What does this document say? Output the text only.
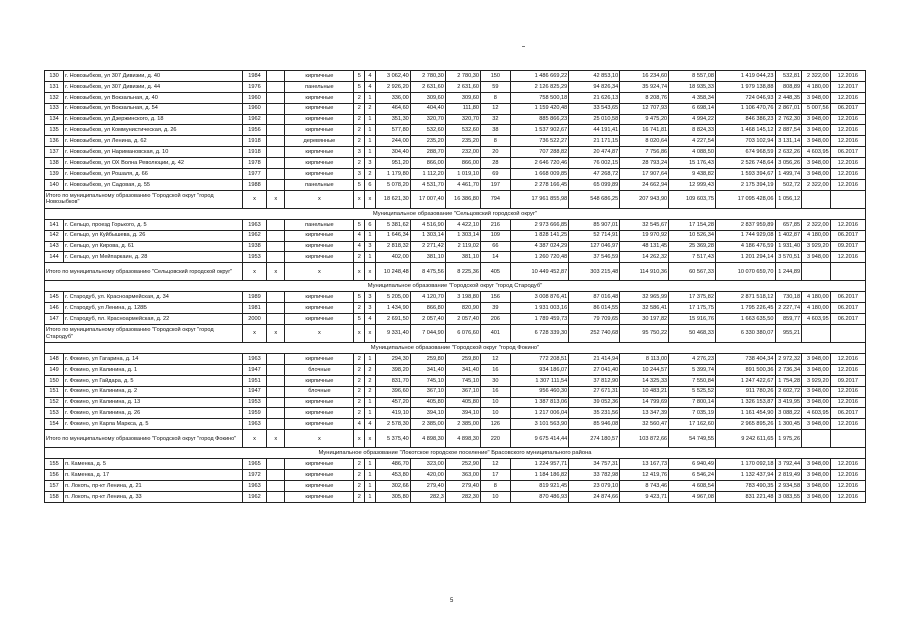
130	г. Новозыбков, ул 307 Дивизии, д. 40	1984		кирпичные	5	4	3 062,40	2 780,30	2 780,30	150	1 486 669,22	42 853,10	16 234,60	8 557,08	1 419 044,23	532,81	2 322,00	12.2016
131	г. Новозыбков, ул 307 Дивизии, д. 44	1976		панельные	5	4	2 926,20	2 631,60	2 631,60	59	2 126 825,29	94 826,34	35 924,74	18 935,33	1 979 138,88	808,89	4 180,00	12.2017
132	г. Новозыбков, ул Вокзальная, д. 40	1960		кирпичные	2	1	336,00	309,60	309,60	8	758 500,18	21 626,13	8 208,76	4 358,34	724 046,93	2 448,35	3 948,00	12.2016
133	г. Новозыбков, ул Вокзальная, д. 54	1960		кирпичные	2	2	464,60	404,40	111,80	12	1 159 420,48	33 543,65	12 707,93	6 698,14	1 106 470,76	2 867,01	5 007,56	06.2017
134	г. Новозыбков, ул Дзержинского, д. 18	1962		кирпичные	2	1	351,30	320,70	320,70	32	885 866,23	25 010,58	9 475,20	4 994,22	846 386,23	2 762,30	3 948,00	12.2016
135	г. Новозыбков, ул Коммунистическая, д. 26	1956		кирпичные	2	1	577,80	532,60	532,60	38	1 537 902,67	44 191,41	16 741,81	8 824,33	1 468 145,12	2 887,54	3 948,00	12.2016
136	г. Новозыбков, ул Ленина, д. 62	1918		деревянные	2	1	244,00	235,20	235,20	8	736 522,27	21 171,15	8 020,64	4 227,54	703 102,94	3 131,14	3 948,00	12.2016
137	г. Новозыбков, ул Наримановская, д. 10	1918		кирпичные	3	1	304,40	288,70	232,00	20	707 288,82	20 474,87	7 756,86	4 088,50	674 968,59	2 632,26	4 603,95	06.2017
138	г. Новозыбков, ул ОХ Волна Революции, д. 42	1978		кирпичные	2	3	951,20	866,00	866,00	28	2 646 720,46	76 002,15	28 793,24	15 176,43	2 526 748,64	3 056,26	3 948,00	12.2016
139	г. Новозыбков, ул Рошаля, д. 66	1977		кирпичные	3	2	1 179,80	1 112,20	1 019,10	69	1 668 009,85	47 268,72	17 907,64	9 438,82	1 593 394,67	1 499,74	3 948,00	12.2016
140	г. Новозыбков, ул Садовая, д. 55	1988		панельные	5	6	5 078,20	4 531,70	4 461,70	197	2 278 166,45	65 099,89	24 662,94	12 999,43	2 175 394,19	502,72	2 322,00	12.2016
Итого по муниципальному образованию "Городской округ "город Новозыбков"		х	х	х	х	х	18 621,30	17 007,40	16 386,80	794	17 961 855,98	548 686,25	207 943,90	109 603,75	17 095 428,06	1 056,12		
Муниципальное образование "Сельцовский городской округ"																		
141	г. Сельцо, проезд Горького, д. 5	1963		панельные	5	6	5 381,62	4 516,90	4 422,10	216	2 973 666,85	85 907,01	32 545,67	17 154,28	2 837 959,89	657,85	2 322,00	12.2016
142	г. Сельцо, ул Куйбышева, д. 26	1962		кирпичные	4	1	1 646,34	1 303,14	1 303,14	109	1 828 141,25	52 714,91	19 970,92	10 526,34	1 744 929,08	1 402,87	4 180,00	06.2017
143	г. Сельцо, ул Кирова, д. 61	1938		кирпичные	4	3	2 818,32	2 271,42	2 119,02	66	4 387 024,29	127 046,97	48 131,45	25 369,28	4 186 476,59	1 931,40	3 929,20	09.2017
144	г. Сельцо, ул Мейпаркаин, д. 28	1953		кирпичные	2	1	402,00	381,10	381,10	14	1 260 720,48	37 546,59	14 262,32	7 517,43	1 201 294,14	3 570,51	3 948,00	12.2016
Итого по муниципальному образованию "Сельцовский городской округ"		х	х	х	х	х	10 248,48	8 475,56	8 225,36	405	10 449 452,87	303 215,48	114 910,36	60 567,33	10 070 659,70	1 244,89		
Муниципальное образование "Городской округ "город Стародуб"																		
145	г. Стародуб, ул. Красноармейская, д. 34	1989		кирпичные	5	3	5 205,00	4 120,70	3 198,80	156	3 008 876,41	87 016,48	32 965,99	17 375,82	2 871 518,12	730,18	4 180,00	06.2017
146	г. Стародуб, ул Ленина, д. 128Б	1981		кирпичные	2	3	1 434,90	866,80	820,90	39	1 931 003,16	86 014,55	32 586,41	17 175,75	1 795 226,45	2 227,74	4 180,00	06.2017
147	г. Стародуб, пл. Красноармейская, д. 22	2000		кирпичные	5	4	2 691,50	2 057,40	2 057,40	206	1 789 459,73	79 709,65	30 197,82	15 916,76	1 663 635,50	859,77	4 603,95	06.2017
Итого по муниципальному образованию "Городской округ "город Стародуб"		х	х	х	х	х	9 331,40	7 044,90	6 076,60	401	6 728 339,30	252 740,68	95 750,22	50 468,33	6 330 380,07	955,21		
Муниципальное образование "Городской округ "город Фокино"																		
148	г. Фокино, ул Гагарина, д. 14	1963		кирпичные	2	1	294,30	259,80	259,80	12	772 208,51	21 414,94	8 113,00	4 276,23	738 404,34	2 972,32	3 948,00	12.2016
149	г. Фокино, ул Калинина, д. 1	1947		блочные	2	2	398,20	341,40	341,40	16	934 186,07	27 041,40	10 244,57	5 399,74	891 500,36	2 736,34	3 948,00	12.2016
150	г. Фокино, ул Гайдара, д. 5	1951		кирпичные	2	2	831,70	745,10	745,10	30	1 307 111,54	37 812,90	14 325,33	7 550,84	1 247 422,67	1 754,28	3 929,20	09.2017
151	г. Фокино, ул Калинина, д. 2	1947		блочные	2	2	396,60	367,10	367,10	16	956 460,30	27 671,31	10 483,21	5 525,52	911 780,26	2 602,72	3 948,00	12.2016
152	г. Фокино, ул Калинина, д. 13	1953		кирпичные	2	1	457,20	405,80	405,80	10	1 387 813,06	39 052,36	14 799,69	7 800,14	1 326 153,87	3 419,95	3 948,00	12.2016
153	г. Фокино, ул Калинина, д. 26	1959		кирпичные	2	1	419,10	394,10	394,10	10	1 217 006,04	35 231,56	13 347,39	7 035,19	1 161 454,90	3 088,22	4 603,95	06.2017
154	г. Фокино, ул Карла Маркса, д. 5	1963		кирпичные	4	4	2 578,30	2 385,00	2 385,00	126	3 101 563,90	85 946,08	32 560,47	17 162,60	2 965 895,26	1 300,45	3 948,00	12.2016
Итого по муниципальному образованию "Городской округ "город Фокино"		х	х	х	х	х	5 375,40	4 898,30	4 898,30	220	9 675 414,44	274 180,57	103 872,66	54 749,55	9 242 611,65	1 975,26		
Муниципальное образование "Локотское городское поселение" Брасовского муниципального района																		
155	п. Каменка, д. 5	1965		кирпичные	2	1	486,70	323,00	252,90	12	1 224 957,71	34 757,31	13 167,73	6 940,49	1 170 092,18	3 792,44	3 948,00	12.2016
156	п. Каменка, д. 17	1972		кирпичные	2	1	453,80	420,00	363,00	17	1 184 186,82	33 782,98	12 419,76	6 546,24	1 132 437,94	2 819,49	3 948,00	12.2016
157	п. Локоть, пр-кт Ленина, д. 21	1963		кирпичные	2	1	302,66	279,40	279,40	8	819 921,45	23 079,10	8 743,46	4 608,54	783 490,35	2 934,58	3 948,00	12.2016
158	п. Локоть, пр-кт Ленина, д. 33	1962		кирпичные	2	1	305,80	282,3	282,30	10	870 486,93	24 874,66	9 423,71	4 967,08	831 221,48	3 083,55	3 948,00	12.2016
5
